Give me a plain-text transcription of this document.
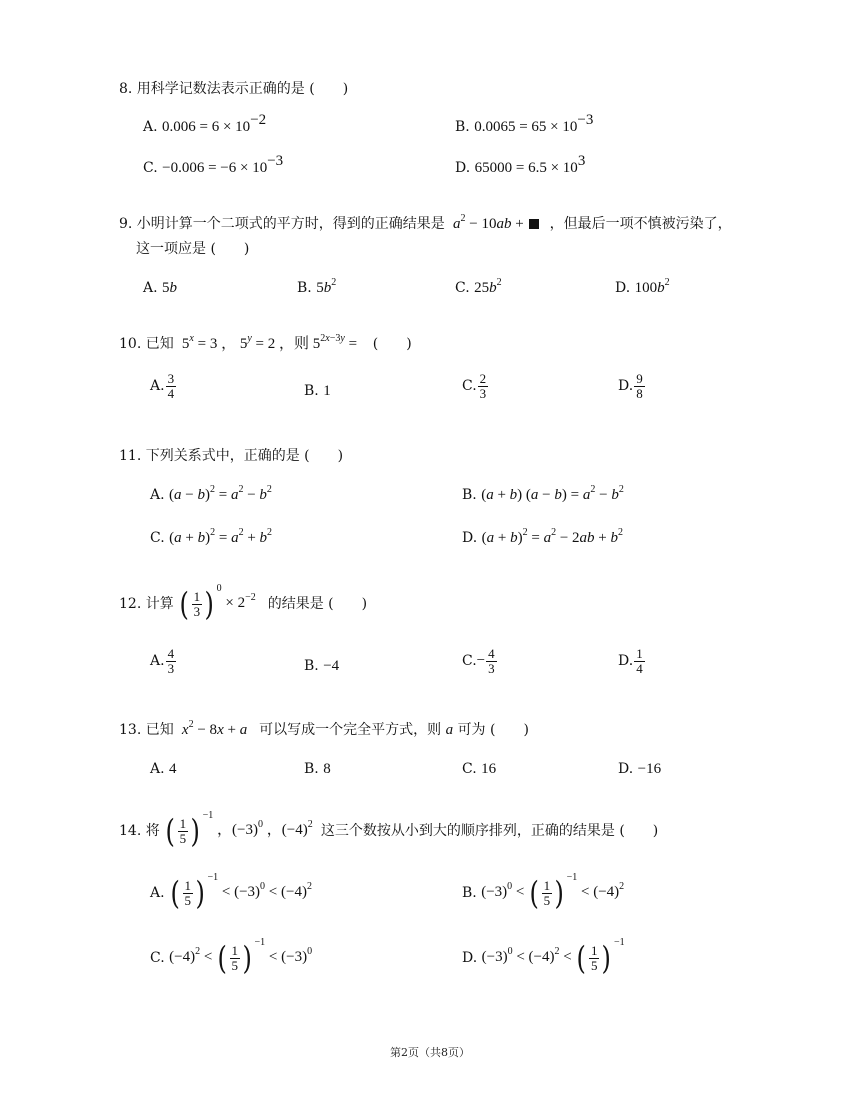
8. 用科学记数法表示正确的是 (　　)
A. $0.006 = 6 \times 10^{-2}$	B. $0.0065 = 65 \times 10^{-3}$
C. $-0.006 = -6 \times 10^{-3}$	D. $65000 = 6.5 \times 10^3$
9. 小明计算一个二项式的平方时，得到的正确结果是 $a^2 - 10ab$ +   ，但最后一项不慎被污染了，
这一项应是 (　　)
A. 5b	B. $5b^2$	C. $25b^2$	D. $100b^2$
10. 已知  $5^x = 3$ ， $5^y = 2$ ，则 $5^{2x-3y}$ =    (　　)
A. $\frac{3}{4}$	B. 1	C. $\frac{2}{3}$	D. $\frac{9}{8}$
11. 下列关系式中，正确的是 (　　)
A. $(a - b)^2 = a^2 - b^2$	B. (a + b) $(a - b) = a^2 - b^2$
C. $(a + b)^2 = a^2 + b^2$	D. $(a + b)^2 = a^2 - 2ab + b^2$
12. 计算 ( $\frac{1}{3}$ ) $^0 \times 2^{-2}$ 的结果是 (　　)
A. $\frac{4}{3}$	B. −4	$C.- \frac{4}{3}$	D. $\frac{1}{4}$
13. 已知 $x^2 - 8x + a$ 可以写成一个完全平方式，则 a 可为 (　　)
A. 4	B. 8	C. 16	D. −16
14. 将 ( $\frac{1}{5}$ ) $^{-1}$ ，$(-3)^0$ ，$(-4)^2$ 这三个数按从小到大的顺序排列，正确的结果是 (　　)
A. ( $\frac{1}{5}$ ) $^{-1} < (-3)^0 < (-4)^2$	B. $(-3)^0$ < ( $\frac{1}{5}$ ) $^{-1} < (-4)^2$
C. $(-4)^2$ < ( $\frac{1}{5}$ ) $^{-1} < (-3)^0$	D. $(-3)^0 < (-4)^2$ < ( $\frac{1}{5}$ ) $^{-1}$
第2页（共8页）
